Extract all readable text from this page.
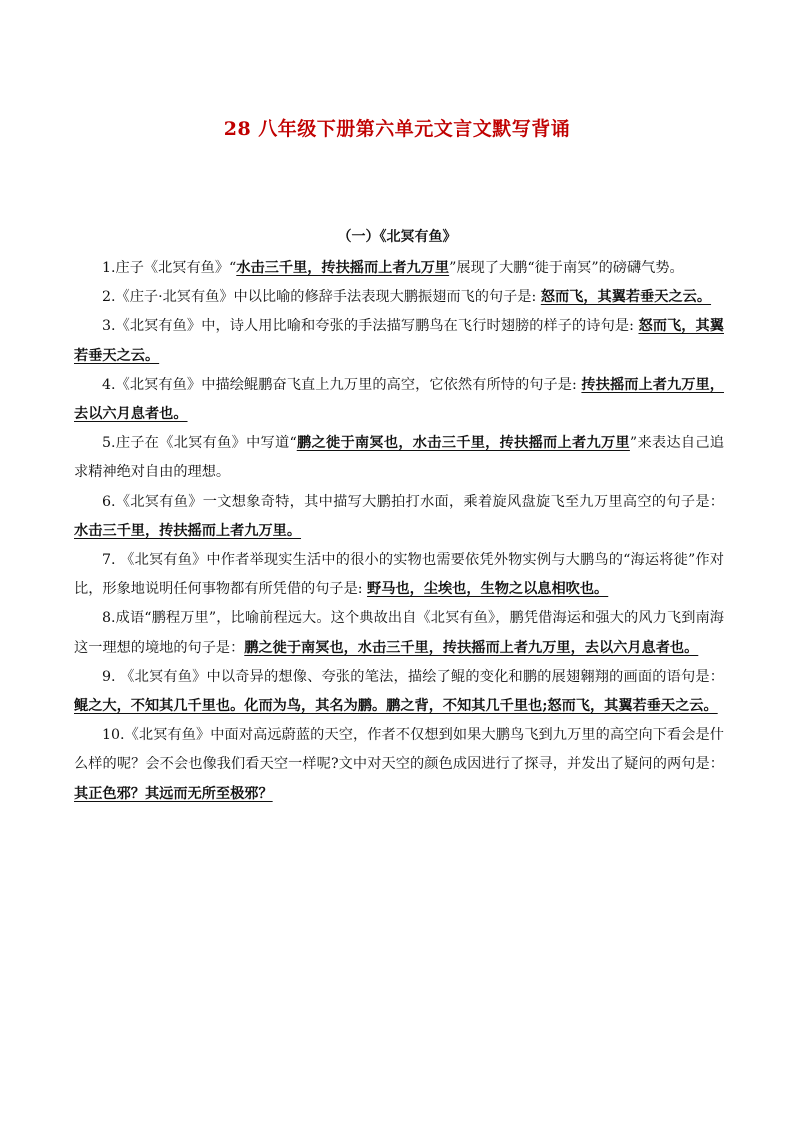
28 八年级下册第六单元文言文默写背诵
（一）《北冥有鱼》
1.庄子《北冥有鱼》“水击三千里，抟扶摇而上者九万里”展现了大鹏“徙于南冥”的磅礴气势。
2.《庄子·北冥有鱼》中以比喻的修辞手法表现大鹏振翅而飞的句子是: 怒而飞，其翼若垂天之云。
3.《北冥有鱼》中，诗人用比喻和夸张的手法描写鹏鸟在飞行时翅膀的样子的诗句是: 怒而飞，其翼若垂天之云。
4.《北冥有鱼》中描绘鲲鹏奋飞直上九万里的高空，它依然有所恃的句子是: 抟扶摇而上者九万里，去以六月息者也。
5.庄子在《北冥有鱼》中写道“鹏之徙于南冥也，水击三千里，抟扶摇而上者九万里”来表达自己追求精神绝对自由的理想。
6.《北冥有鱼》一文想象奇特，其中描写大鹏拍打水面，乘着旋风盘旋飞至九万里高空的句子是：水击三千里，抟扶摇而上者九万里。
7. 《北冥有鱼》中作者举现实生活中的很小的实物也需要依凭外物实例与大鹏鸟的“海运将徙”作对比，形象地说明任何事物都有所凭借的句子是: 野马也，尘埃也，生物之以息相吹也。
8.成语“鹏程万里”，比喻前程远大。这个典故出自《北冥有鱼》，鹏凭借海运和强大的风力飞到南海这一理想的境地的句子是：鹏之徙于南冥也，水击三千里，抟扶摇而上者九万里，去以六月息者也。
9. 《北冥有鱼》中以奇异的想像、夸张的笔法，描绘了鲲的变化和鹏的展翅翱翔的画面的语句是：鲲之大，不知其几千里也。化而为鸟，其名为鹏。鹏之背，不知其几千里也;怒而飞，其翼若垂天之云。
10.《北冥有鱼》中面对高远蔚蓝的天空，作者不仅想到如果大鹏鸟飞到九万里的高空向下看会是什么样的呢？会不会也像我们看天空一样呢?文中对天空的颜色成因进行了探寻，并发出了疑问的两句是：其正色邪？其远而无所至极邪？
